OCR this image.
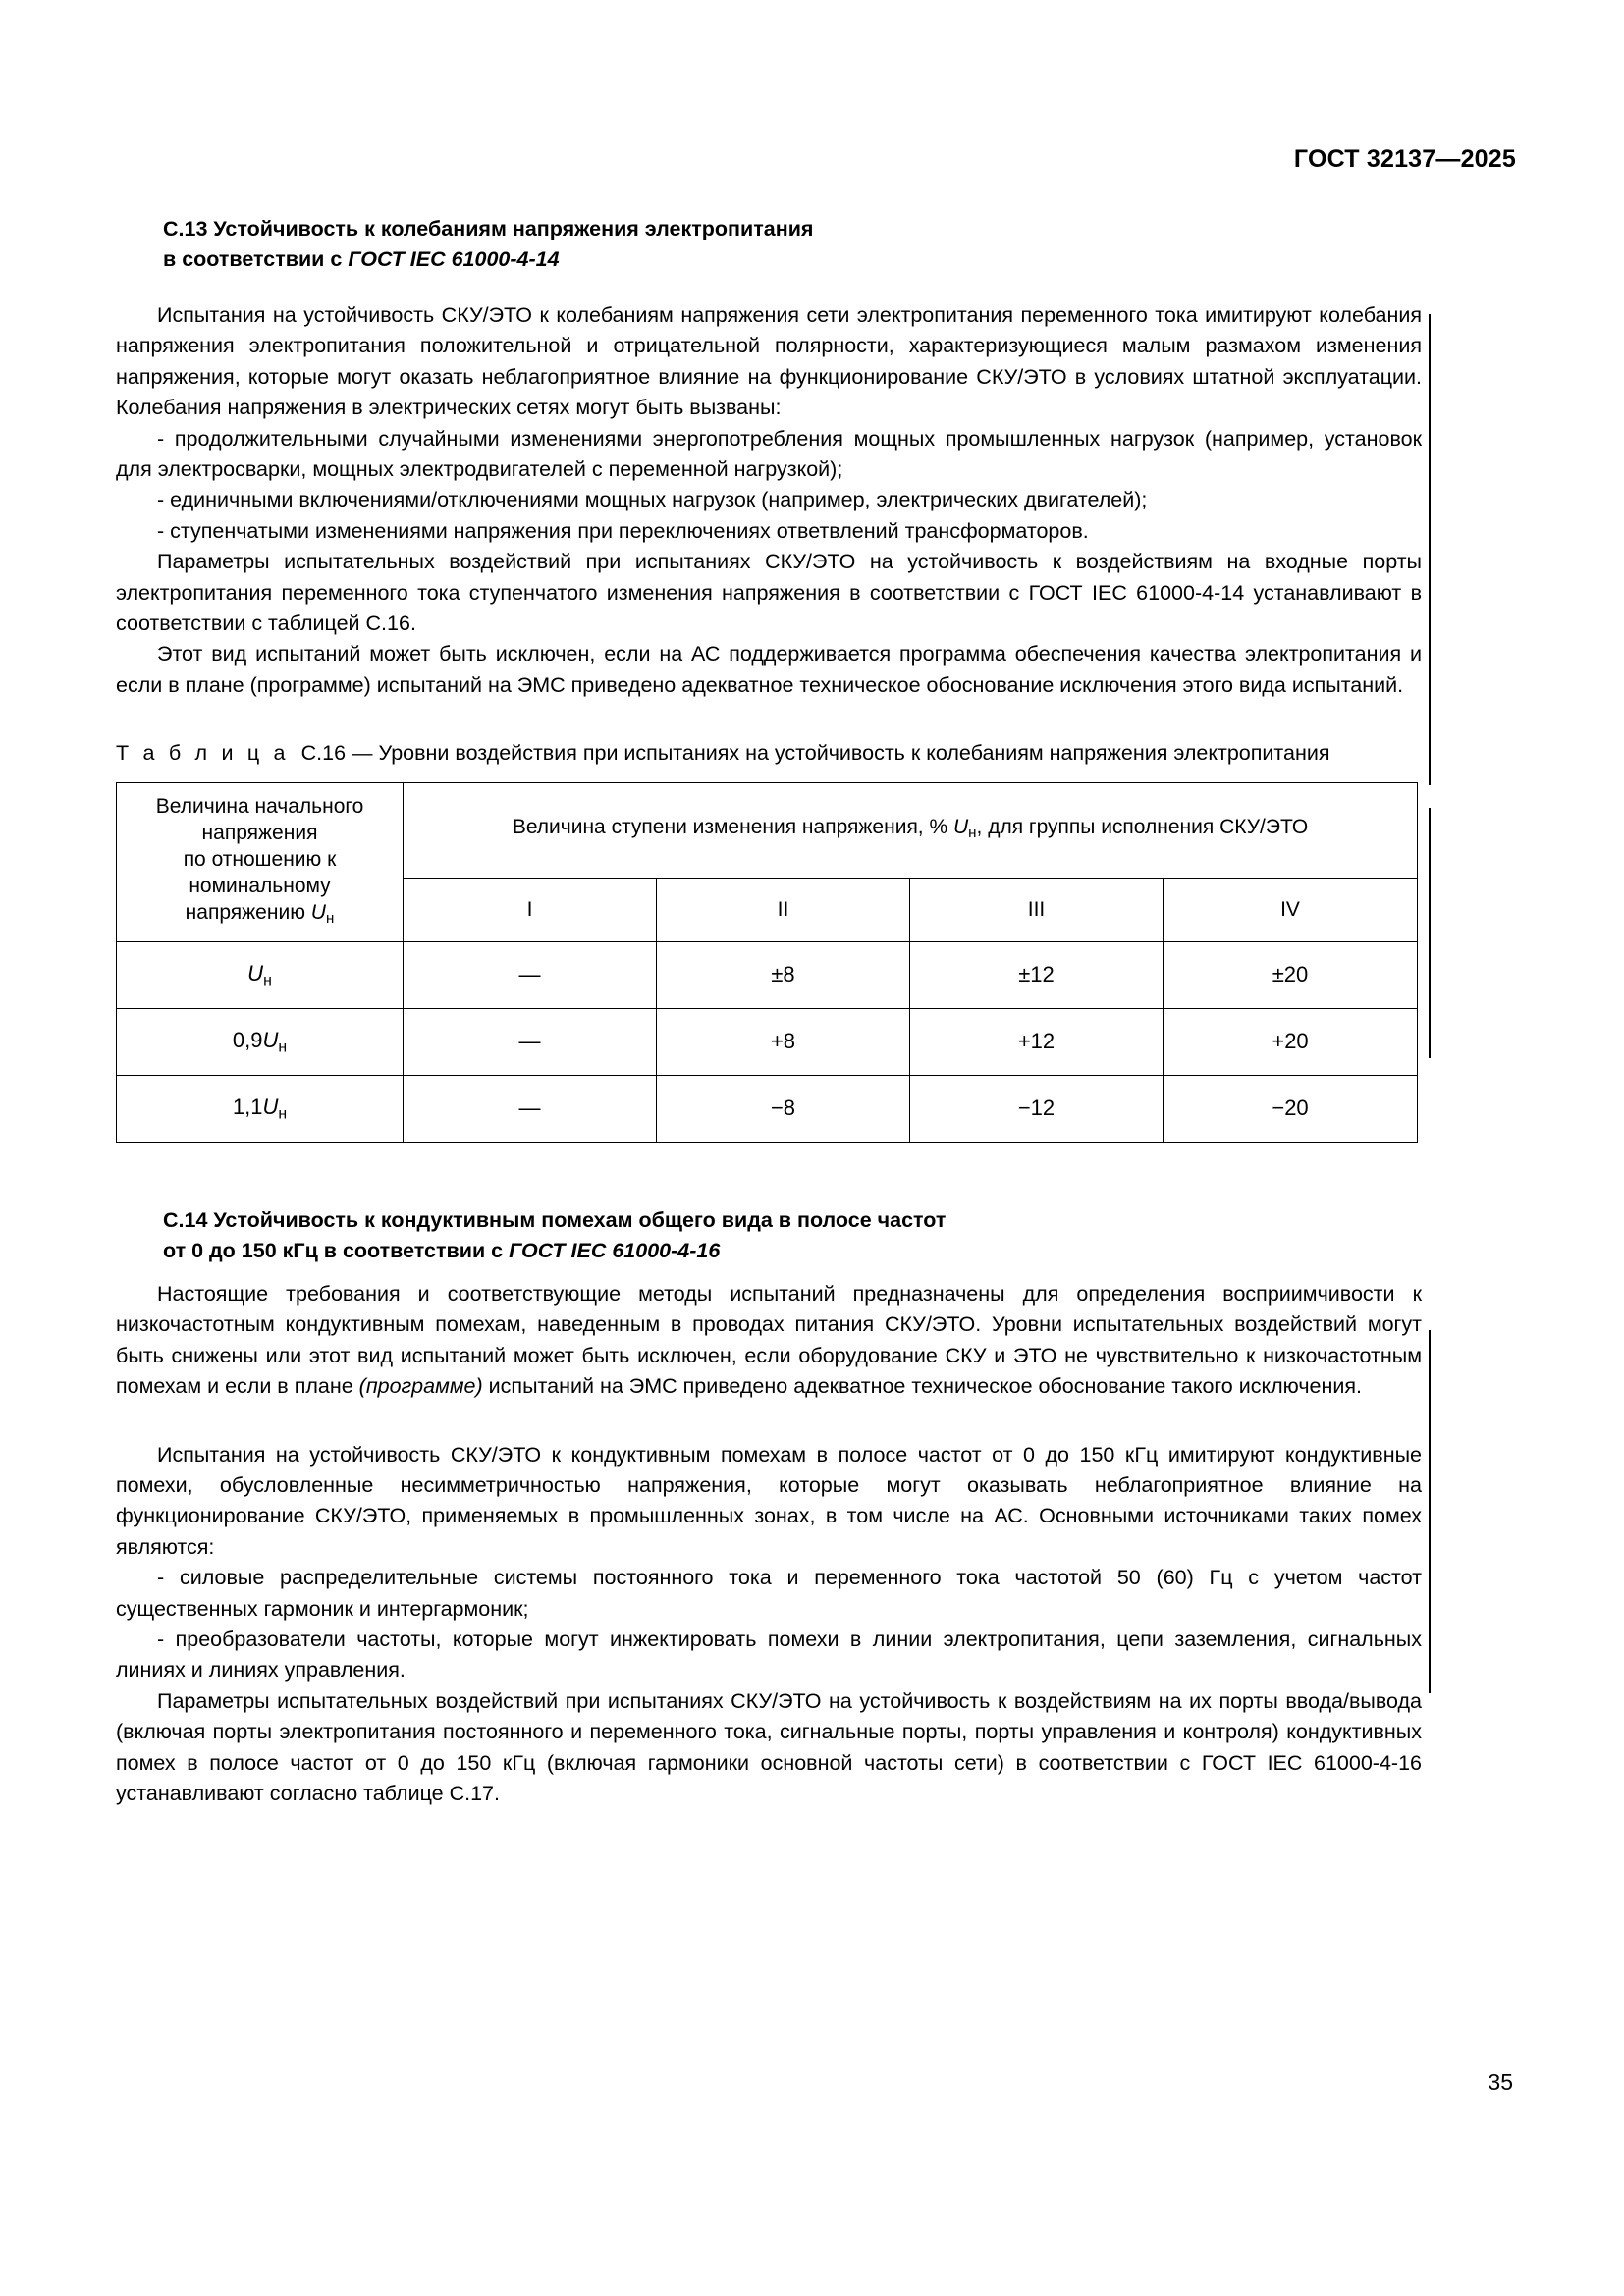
ГОСТ 32137—2025
C.13 Устойчивость к колебаниям напряжения электропитания
в соответствии с ГОСТ IEC 61000-4-14

Испытания на устойчивость СКУ/ЭТО к колебаниям напряжения сети электропитания переменного тока имитируют колебания напряжения электропитания положительной и отрицательной полярности, характеризующиеся малым размахом изменения напряжения, которые могут оказать неблагоприятное влияние на функционирование СКУ/ЭТО в условиях штатной эксплуатации. Колебания напряжения в электрических сетях могут быть вызваны:

- продолжительными случайными изменениями энергопотребления мощных промышленных нагрузок (например, установок для электросварки, мощных электродвигателей с переменной нагрузкой);

- единичными включениями/отключениями мощных нагрузок (например, электрических двигателей);

- ступенчатыми изменениями напряжения при переключениях ответвлений трансформаторов.

Параметры испытательных воздействий при испытаниях СКУ/ЭТО на устойчивость к воздействиям на входные порты электропитания переменного тока ступенчатого изменения напряжения в соответствии с ГОСТ IEC 61000-4-14 устанавливают в соответствии с таблицей С.16.

Этот вид испытаний может быть исключен, если на АС поддерживается программа обеспечения качества электропитания и если в плане (программе) испытаний на ЭМС приведено адекватное техническое обоснование исключения этого вида испытаний.

Т а б л и ц а С.16 — Уровни воздействия при испытаниях на устойчивость к колебаниям напряжения электропитания

Величина начального напряжения
по отношению к номинальному
напряжению $U_н$	Величина ступени изменения напряжения, % $U_н$, для группы исполнения СКУ/ЭТО			
	I	II	III	IV
$U_н$	—	±8	±12	±20
$0,9U_н$	—	+8	+12	+20
$1,1U_н$	—	−8	−12	−20
C.14 Устойчивость к кондуктивным помехам общего вида в полосе частот
от 0 до 150 кГц в соответствии с ГОСТ IEC 61000-4-16

Настоящие требования и соответствующие методы испытаний предназначены для определения восприимчивости к низкочастотным кондуктивным помехам, наведенным в проводах питания СКУ/ЭТО. Уровни испытательных воздействий могут быть снижены или этот вид испытаний может быть исключен, если оборудование СКУ и ЭТО не чувствительно к низкочастотным помехам и если в плане (программе) испытаний на ЭМС приведено адекватное техническое обоснование такого исключения.

Испытания на устойчивость СКУ/ЭТО к кондуктивным помехам в полосе частот от 0 до 150 кГц имитируют кондуктивные помехи, обусловленные несимметричностью напряжения, которые могут оказывать неблагоприятное влияние на функционирование СКУ/ЭТО, применяемых в промышленных зонах, в том числе на АС. Основными источниками таких помех являются:

- силовые распределительные системы постоянного тока и переменного тока частотой 50 (60) Гц с учетом частот существенных гармоник и интергармоник;

- преобразователи частоты, которые могут инжектировать помехи в линии электропитания, цепи заземления, сигнальных линиях и линиях управления.

Параметры испытательных воздействий при испытаниях СКУ/ЭТО на устойчивость к воздействиям на их порты ввода/вывода (включая порты электропитания постоянного и переменного тока, сигнальные порты, порты управления и контроля) кондуктивных помех в полосе частот от 0 до 150 кГц (включая гармоники основной частоты сети) в соответствии с ГОСТ IEC 61000-4-16 устанавливают согласно таблице С.17.

35
